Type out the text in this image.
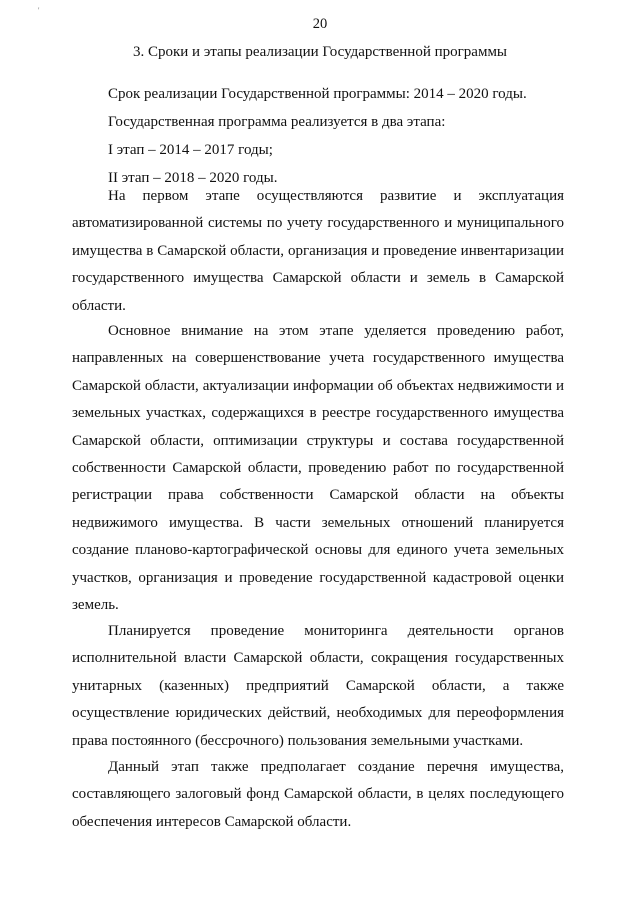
'
20
3. Сроки и этапы реализации Государственной программы
Срок реализации Государственной программы: 2014 – 2020 годы.
Государственная программа реализуется в два этапа:
I этап – 2014 – 2017 годы;
II этап – 2018 – 2020 годы.

На первом этапе осуществляются развитие и эксплуатация автоматизированной системы по учету государственного и муниципального имущества в Самарской области, организация и проведение инвентаризации государственного имущества Самарской области и земель в Самарской области.

Основное внимание на этом этапе уделяется проведению работ, направленных на совершенствование учета государственного имущества Самарской области, актуализации информации об объектах недвижимости и земельных участках, содержащихся в реестре государственного имущества Самарской области, оптимизации структуры и состава государственной собственности Самарской области, проведению работ по государственной регистрации права собственности Самарской области на объекты недвижимого имущества. В части земельных отношений планируется создание планово-картографической основы для единого учета земельных участков, организация и проведение государственной кадастровой оценки земель.

Планируется проведение мониторинга деятельности органов исполнительной власти Самарской области, сокращения государственных унитарных (казенных) предприятий Самарской области, а также осуществление юридических действий, необходимых для переоформления права постоянного (бессрочного) пользования земельными участками.

Данный этап также предполагает создание перечня имущества, составляющего залоговый фонд Самарской области, в целях последующего обеспечения интересов Самарской области.
